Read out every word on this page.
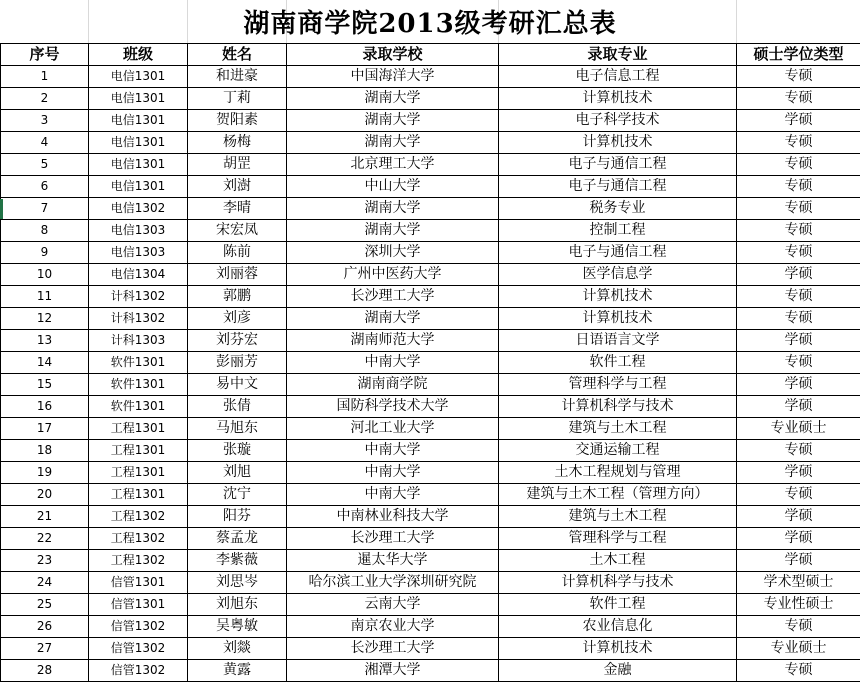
湖南商学院2013级考研汇总表
序号	班级	姓名	录取学校	录取专业	硕士学位类型
1	电信1301	和进豪	中国海洋大学	电子信息工程	专硕
2	电信1301	丁莉	湖南大学	计算机技术	专硕
3	电信1301	贺阳素	湖南大学	电子科学技术	学硕
4	电信1301	杨梅	湖南大学	计算机技术	专硕
5	电信1301	胡罡	北京理工大学	电子与通信工程	专硕
6	电信1301	刘澍	中山大学	电子与通信工程	专硕
7	电信1302	李晴	湖南大学	税务专业	专硕
8	电信1303	宋宏凤	湖南大学	控制工程	专硕
9	电信1303	陈前	深圳大学	电子与通信工程	专硕
10	电信1304	刘丽蓉	广州中医药大学	医学信息学	学硕
11	计科1302	郭鹏	长沙理工大学	计算机技术	专硕
12	计科1302	刘彦	湖南大学	计算机技术	专硕
13	计科1303	刘芬宏	湖南师范大学	日语语言文学	学硕
14	软件1301	彭丽芳	中南大学	软件工程	专硕
15	软件1301	易中文	湖南商学院	管理科学与工程	学硕
16	软件1301	张倩	国防科学技术大学	计算机科学与技术	学硕
17	工程1301	马旭东	河北工业大学	建筑与土木工程	专业硕士
18	工程1301	张璇	中南大学	交通运输工程	专硕
19	工程1301	刘旭	中南大学	土木工程规划与管理	学硕
20	工程1301	沈宁	中南大学	建筑与土木工程（管理方向）	专硕
21	工程1302	阳芬	中南林业科技大学	建筑与土木工程	学硕
22	工程1302	蔡孟龙	长沙理工大学	管理科学与工程	学硕
23	工程1302	李紫薇	暹太华大学	土木工程	学硕
24	信管1301	刘思岑	哈尔滨工业大学深圳研究院	计算机科学与技术	学术型硕士
25	信管1301	刘旭东	云南大学	软件工程	专业性硕士
26	信管1302	吴粤敏	南京农业大学	农业信息化	专硕
27	信管1302	刘燚	长沙理工大学	计算机技术	专业硕士
28	信管1302	黄露	湘潭大学	金融	专硕
